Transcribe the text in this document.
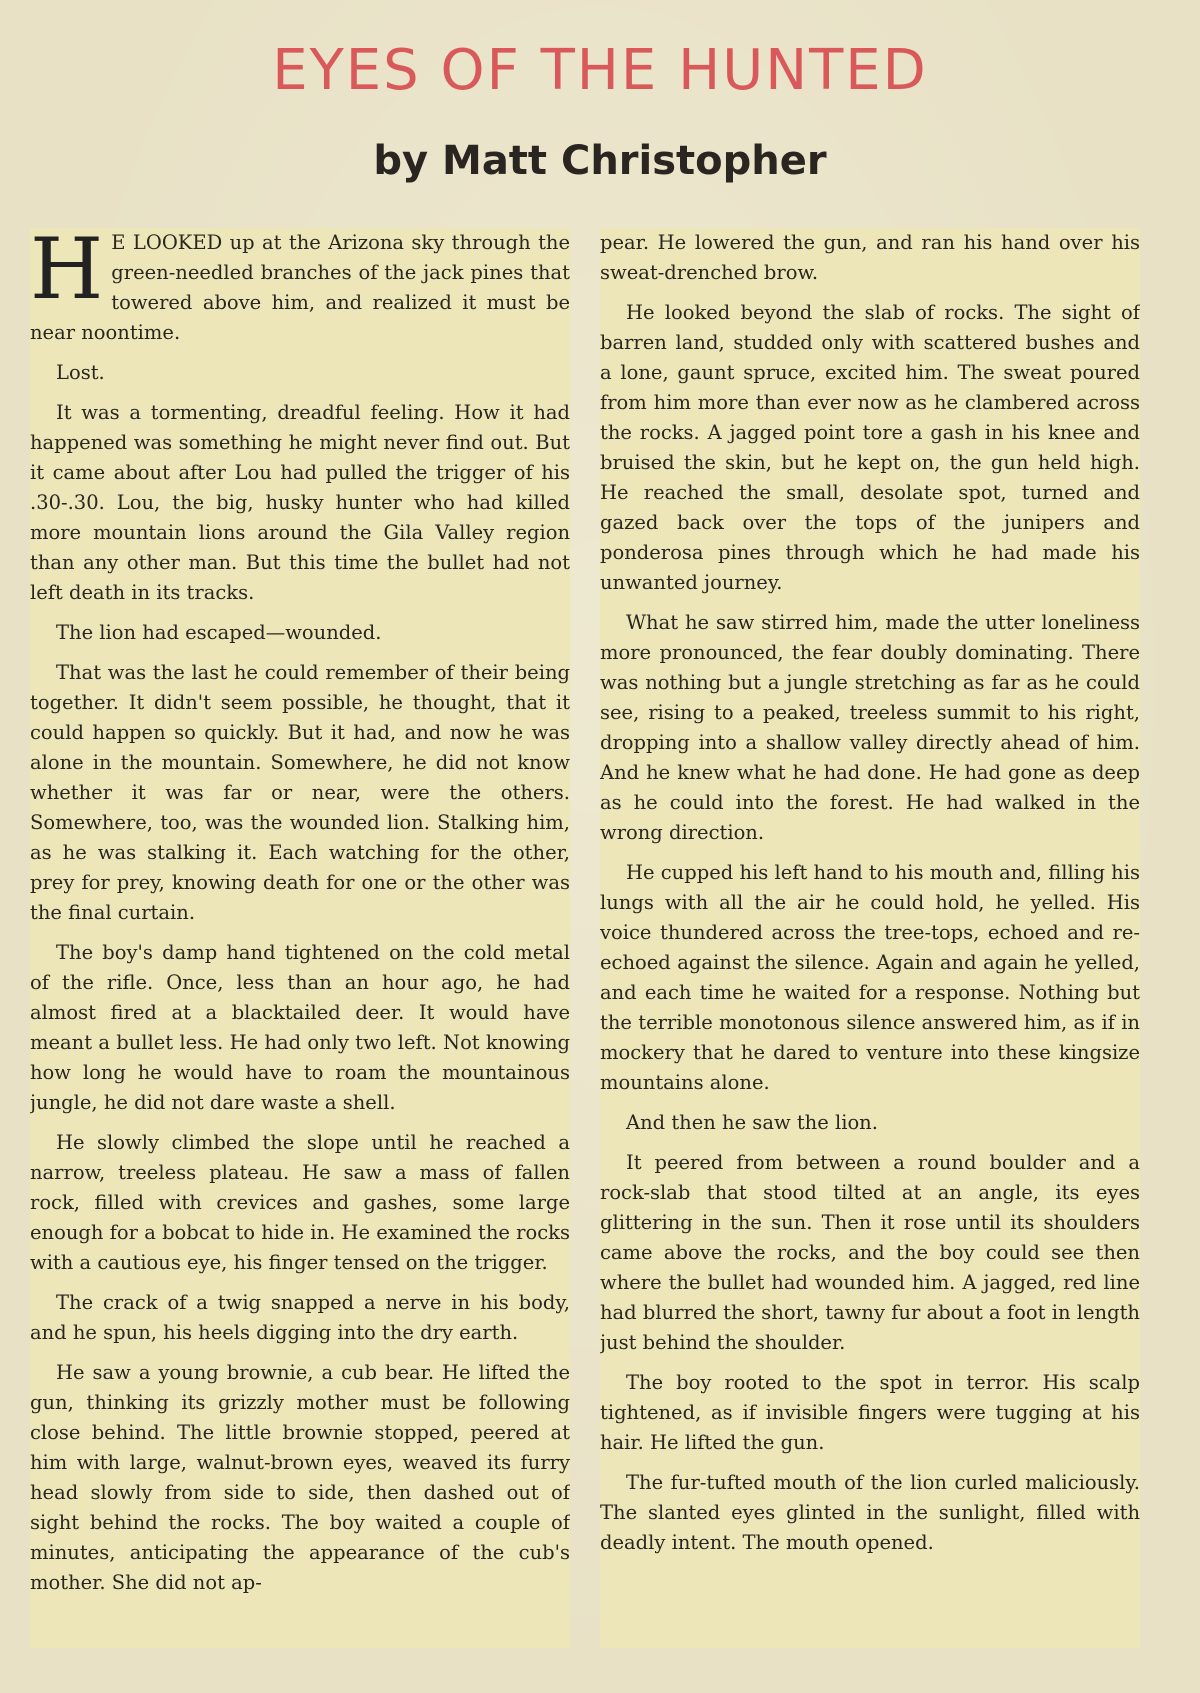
EYES OF THE HUNTED
by Matt Christopher

H E LOOKED up at the Arizona sky through the green-needled branches of the jack pines that towered above him, and realized it must be near noontime.

Lost.

It was a tormenting, dreadful feeling. How it had happened was something he might never find out. But it came about after Lou had pulled the trigger of his .30-.30. Lou, the big, husky hunter who had killed more mountain lions around the Gila Valley region than any other man. But this time the bullet had not left death in its tracks.

The lion had escaped—wounded.

That was the last he could remember of their being together. It didn't seem possible, he thought, that it could happen so quickly. But it had, and now he was alone in the mountain. Somewhere, he did not know whether it was far or near, were the others. Somewhere, too, was the wounded lion. Stalking him, as he was stalking it. Each watching for the other, prey for prey, knowing death for one or the other was the final curtain.

The boy's damp hand tightened on the cold metal of the rifle. Once, less than an hour ago, he had almost fired at a blacktailed deer. It would have meant a bullet less. He had only two left. Not knowing how long he would have to roam the mountainous jungle, he did not dare waste a shell.

He slowly climbed the slope until he reached a narrow, treeless plateau. He saw a mass of fallen rock, filled with crevices and gashes, some large enough for a bobcat to hide in. He examined the rocks with a cautious eye, his finger tensed on the trigger.

The crack of a twig snapped a nerve in his body, and he spun, his heels digging into the dry earth.

He saw a young brownie, a cub bear. He lifted the gun, thinking its grizzly mother must be following close behind. The little brownie stopped, peered at him with large, walnut-brown eyes, weaved its furry head slowly from side to side, then dashed out of sight behind the rocks. The boy waited a couple of minutes, anticipating the appearance of the cub's mother. She did not ap-

pear. He lowered the gun, and ran his hand over his sweat-drenched brow.

He looked beyond the slab of rocks. The sight of barren land, studded only with scattered bushes and a lone, gaunt spruce, excited him. The sweat poured from him more than ever now as he clambered across the rocks. A jagged point tore a gash in his knee and bruised the skin, but he kept on, the gun held high. He reached the small, desolate spot, turned and gazed back over the tops of the junipers and ponderosa pines through which he had made his unwanted journey.

What he saw stirred him, made the utter loneliness more pronounced, the fear doubly dominating. There was nothing but a jungle stretching as far as he could see, rising to a peaked, treeless summit to his right, dropping into a shallow valley directly ahead of him. And he knew what he had done. He had gone as deep as he could into the forest. He had walked in the wrong direction.

He cupped his left hand to his mouth and, filling his lungs with all the air he could hold, he yelled. His voice thundered across the tree-tops, echoed and re-echoed against the silence. Again and again he yelled, and each time he waited for a response. Nothing but the terrible monotonous silence answered him, as if in mockery that he dared to venture into these kingsize mountains alone.

And then he saw the lion.

It peered from between a round boulder and a rock-slab that stood tilted at an angle, its eyes glittering in the sun. Then it rose until its shoulders came above the rocks, and the boy could see then where the bullet had wounded him. A jagged, red line had blurred the short, tawny fur about a foot in length just behind the shoulder.

The boy rooted to the spot in terror. His scalp tightened, as if invisible fingers were tugging at his hair. He lifted the gun.

The fur-tufted mouth of the lion curled maliciously. The slanted eyes glinted in the sunlight, filled with deadly intent. The mouth opened.
